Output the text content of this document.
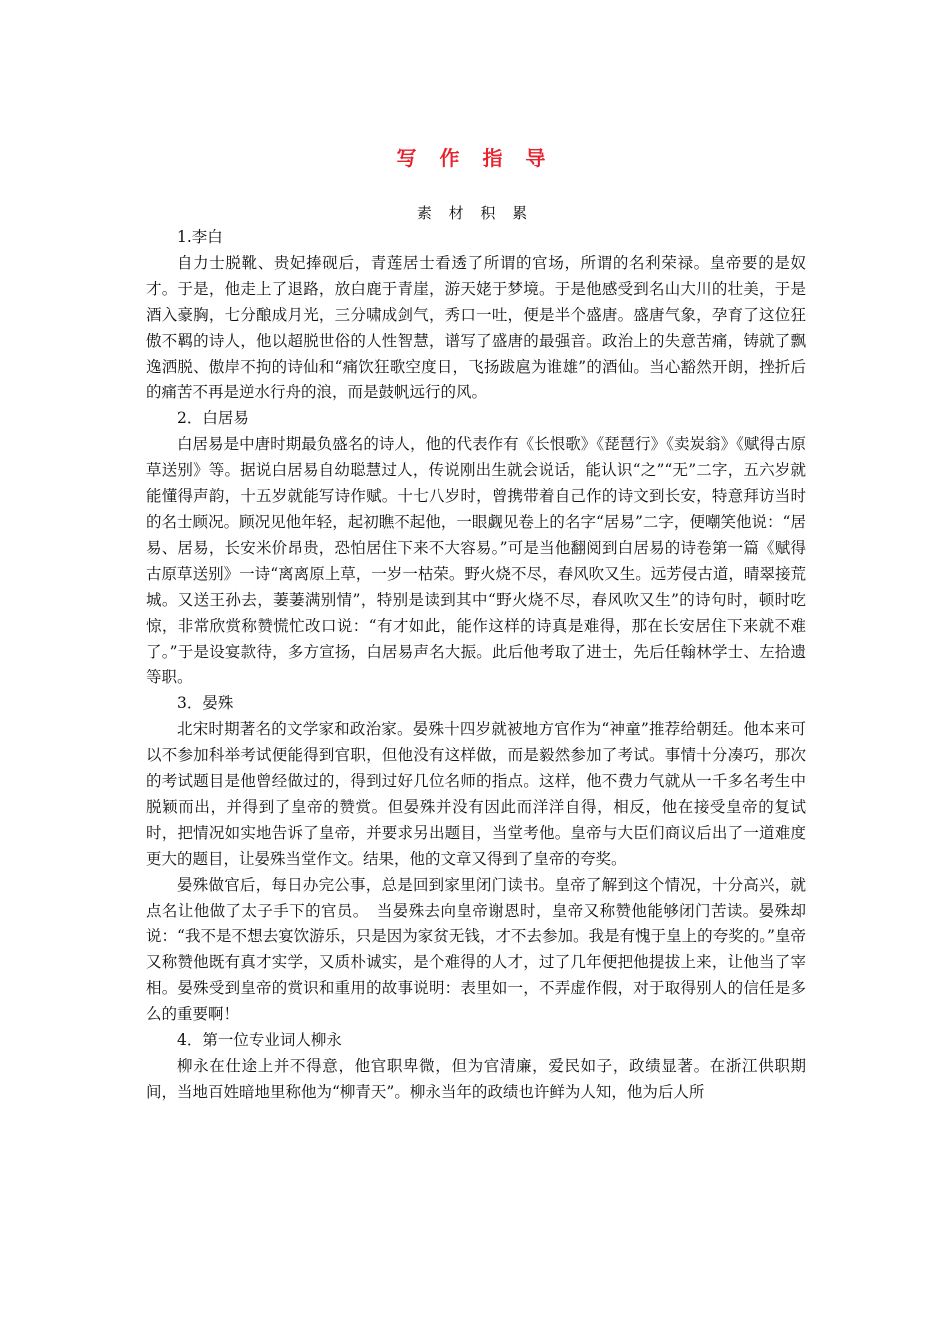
写 作 指 导
素 材 积 累

1.李白

自力士脱靴、贵妃捧砚后，青莲居士看透了所谓的官场，所谓的名利荣禄。皇帝要的是奴才。于是，他走上了退路，放白鹿于青崖，游天姥于梦境。于是他感受到名山大川的壮美，于是酒入豪胸，七分酿成月光，三分啸成剑气，秀口一吐，便是半个盛唐。盛唐气象，孕育了这位狂傲不羁的诗人，他以超脱世俗的人性智慧，谱写了盛唐的最强音。政治上的失意苦痛，铸就了飘逸洒脱、傲岸不拘的诗仙和“痛饮狂歌空度日，飞扬跋扈为谁雄”的酒仙。当心豁然开朗，挫折后的痛苦不再是逆水行舟的浪，而是鼓帆远行的风。

2．白居易

白居易是中唐时期最负盛名的诗人，他的代表作有《长恨歌》《琵琶行》《卖炭翁》《赋得古原草送别》等。据说白居易自幼聪慧过人，传说刚出生就会说话，能认识“之”“无”二字，五六岁就能懂得声韵，十五岁就能写诗作赋。十七八岁时，曾携带着自己作的诗文到长安，特意拜访当时的名士顾况。顾况见他年轻，起初瞧不起他，一眼觑见卷上的名字“居易”二字，便嘲笑他说：“居易、居易，长安米价昂贵，恐怕居住下来不大容易。”可是当他翻阅到白居易的诗卷第一篇《赋得古原草送别》一诗“离离原上草，一岁一枯荣。野火烧不尽，春风吹又生。远芳侵古道，晴翠接荒城。又送王孙去，萋萋满别情”，特别是读到其中“野火烧不尽，春风吹又生”的诗句时，顿时吃惊，非常欣赏称赞慌忙改口说：“有才如此，能作这样的诗真是难得，那在长安居住下来就不难了。”于是设宴款待，多方宣扬，白居易声名大振。此后他考取了进士，先后任翰林学士、左拾遗等职。

3．晏殊

北宋时期著名的文学家和政治家。晏殊十四岁就被地方官作为“神童”推荐给朝廷。他本来可以不参加科举考试便能得到官职，但他没有这样做，而是毅然参加了考试。事情十分凑巧，那次的考试题目是他曾经做过的，得到过好几位名师的指点。这样，他不费力气就从一千多名考生中脱颖而出，并得到了皇帝的赞赏。但晏殊并没有因此而洋洋自得，相反，他在接受皇帝的复试时，把情况如实地告诉了皇帝，并要求另出题目，当堂考他。皇帝与大臣们商议后出了一道难度更大的题目，让晏殊当堂作文。结果，他的文章又得到了皇帝的夸奖。

晏殊做官后，每日办完公事，总是回到家里闭门读书。皇帝了解到这个情况，十分高兴，就点名让他做了太子手下的官员。　当晏殊去向皇帝谢恩时，皇帝又称赞他能够闭门苦读。晏殊却说：“我不是不想去宴饮游乐，只是因为家贫无钱，才不去参加。我是有愧于皇上的夸奖的。”皇帝又称赞他既有真才实学，又质朴诚实，是个难得的人才，过了几年便把他提拔上来，让他当了宰相。晏殊受到皇帝的赏识和重用的故事说明：表里如一，不弄虚作假，对于取得别人的信任是多么的重要啊！

4．第一位专业词人柳永

柳永在仕途上并不得意，他官职卑微，但为官清廉，爱民如子，政绩显著。在浙江供职期间，当地百姓暗地里称他为“柳青天”。柳永当年的政绩也许鲜为人知，他为后人所
